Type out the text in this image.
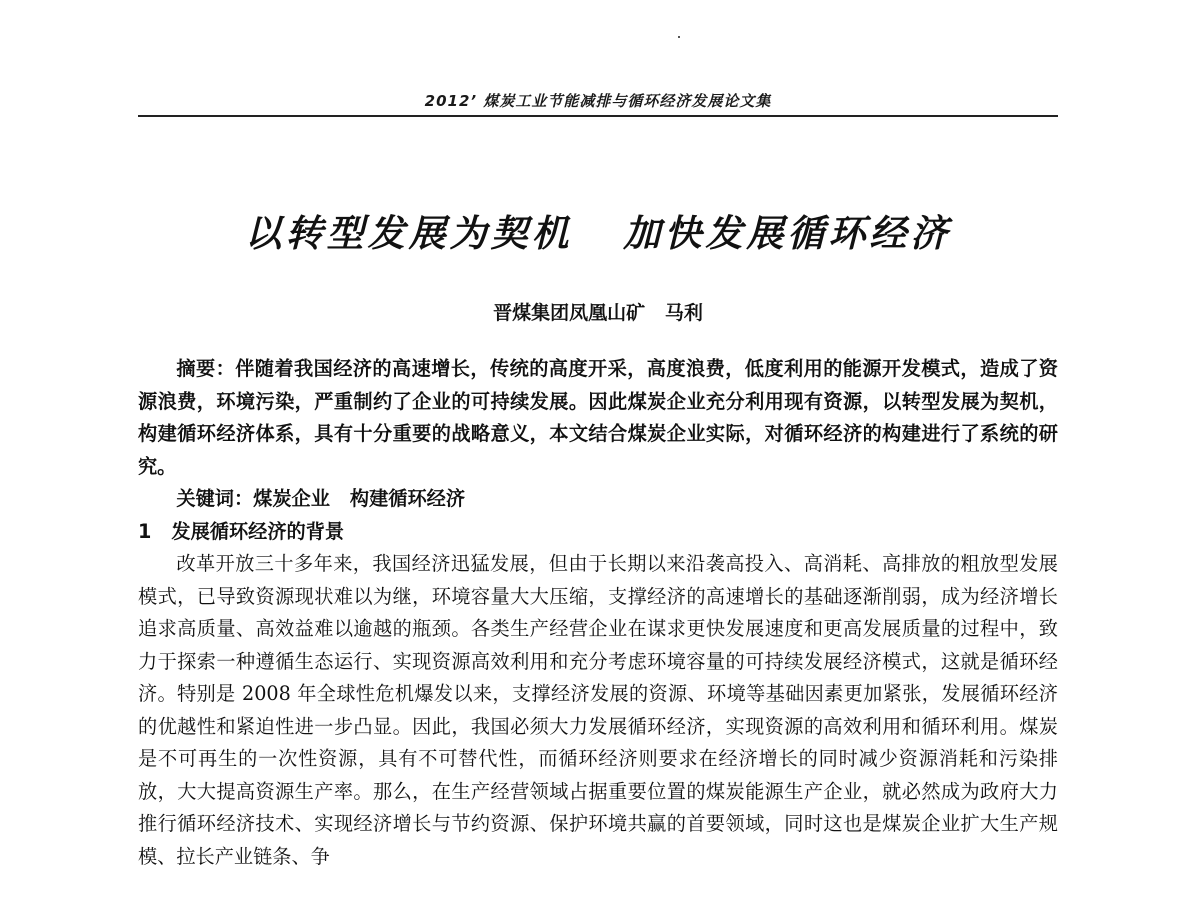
2012’ 煤炭工业节能减排与循环经济发展论文集
以转型发展为契机   加快发展循环经济
晋煤集团凤凰山矿   马利

摘要：伴随着我国经济的高速增长，传统的高度开采，高度浪费，低度利用的能源开发模式，造成了资源浪费，环境污染，严重制约了企业的可持续发展。因此煤炭企业充分利用现有资源，以转型发展为契机，构建循环经济体系，具有十分重要的战略意义，本文结合煤炭企业实际，对循环经济的构建进行了系统的研究。

关键词：煤炭企业   构建循环经济

1   发展循环经济的背景

改革开放三十多年来，我国经济迅猛发展，但由于长期以来沿袭高投入、高消耗、高排放的粗放型发展模式，已导致资源现状难以为继，环境容量大大压缩，支撑经济的高速增长的基础逐渐削弱，成为经济增长追求高质量、高效益难以逾越的瓶颈。各类生产经营企业在谋求更快发展速度和更高发展质量的过程中，致力于探索一种遵循生态运行、实现资源高效利用和充分考虑环境容量的可持续发展经济模式，这就是循环经济。特别是 2008 年全球性危机爆发以来，支撑经济发展的资源、环境等基础因素更加紧张，发展循环经济的优越性和紧迫性进一步凸显。因此，我国必须大力发展循环经济，实现资源的高效利用和循环利用。煤炭是不可再生的一次性资源，具有不可替代性，而循环经济则要求在经济增长的同时减少资源消耗和污染排放，大大提高资源生产率。那么，在生产经营领域占据重要位置的煤炭能源生产企业，就必然成为政府大力推行循环经济技术、实现经济增长与节约资源、保护环境共赢的首要领域，同时这也是煤炭企业扩大生产规模、拉长产业链条、争
